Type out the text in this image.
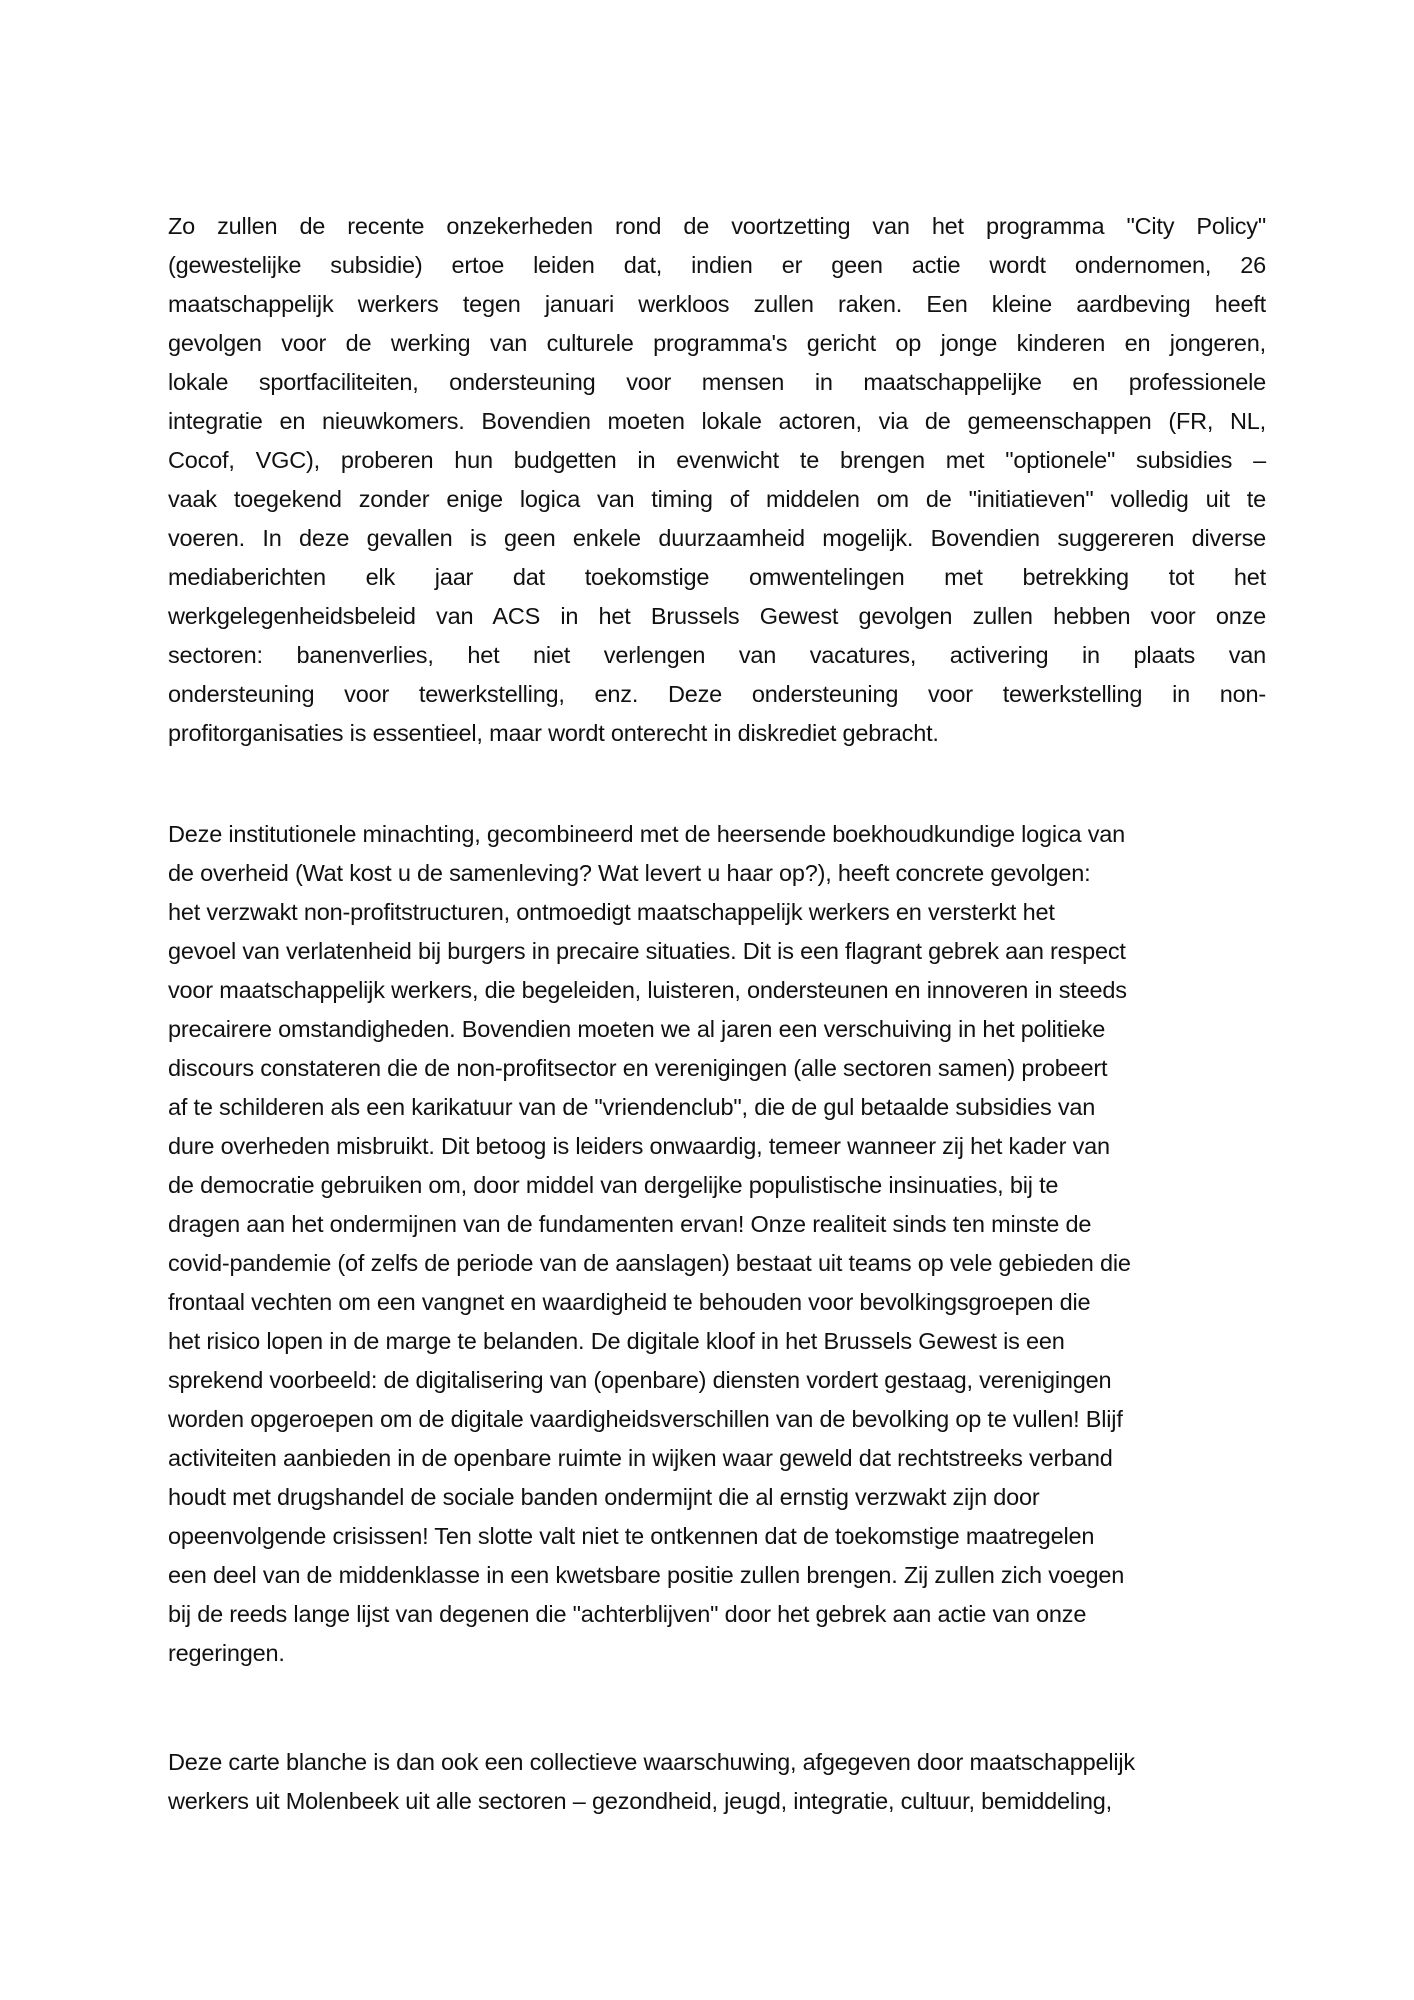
Zo zullen de recente onzekerheden rond de voortzetting van het programma "City Policy"
(gewestelijke subsidie) ertoe leiden dat, indien er geen actie wordt ondernomen, 26
maatschappelijk werkers tegen januari werkloos zullen raken. Een kleine aardbeving heeft
gevolgen voor de werking van culturele programma's gericht op jonge kinderen en jongeren,
lokale sportfaciliteiten, ondersteuning voor mensen in maatschappelijke en professionele
integratie en nieuwkomers. Bovendien moeten lokale actoren, via de gemeenschappen (FR, NL,
Cocof, VGC), proberen hun budgetten in evenwicht te brengen met "optionele" subsidies –
vaak toegekend zonder enige logica van timing of middelen om de "initiatieven" volledig uit te
voeren. In deze gevallen is geen enkele duurzaamheid mogelijk. Bovendien suggereren diverse
mediaberichten elk jaar dat toekomstige omwentelingen met betrekking tot het
werkgelegenheidsbeleid van ACS in het Brussels Gewest gevolgen zullen hebben voor onze
sectoren: banenverlies, het niet verlengen van vacatures, activering in plaats van
ondersteuning voor tewerkstelling, enz. Deze ondersteuning voor tewerkstelling in non-
profitorganisaties is essentieel, maar wordt onterecht in diskrediet gebracht.

Deze institutionele minachting, gecombineerd met de heersende boekhoudkundige logica van
de overheid (Wat kost u de samenleving? Wat levert u haar op?), heeft concrete gevolgen:
het verzwakt non-profitstructuren, ontmoedigt maatschappelijk werkers en versterkt het
gevoel van verlatenheid bij burgers in precaire situaties. Dit is een flagrant gebrek aan respect
voor maatschappelijk werkers, die begeleiden, luisteren, ondersteunen en innoveren in steeds
precairere omstandigheden. Bovendien moeten we al jaren een verschuiving in het politieke
discours constateren die de non-profitsector en verenigingen (alle sectoren samen) probeert
af te schilderen als een karikatuur van de "vriendenclub", die de gul betaalde subsidies van
dure overheden misbruikt. Dit betoog is leiders onwaardig, temeer wanneer zij het kader van
de democratie gebruiken om, door middel van dergelijke populistische insinuaties, bij te
dragen aan het ondermijnen van de fundamenten ervan! Onze realiteit sinds ten minste de
covid-pandemie (of zelfs de periode van de aanslagen) bestaat uit teams op vele gebieden die
frontaal vechten om een vangnet en waardigheid te behouden voor bevolkingsgroepen die
het risico lopen in de marge te belanden. De digitale kloof in het Brussels Gewest is een
sprekend voorbeeld: de digitalisering van (openbare) diensten vordert gestaag, verenigingen
worden opgeroepen om de digitale vaardigheidsverschillen van de bevolking op te vullen! Blijf
activiteiten aanbieden in de openbare ruimte in wijken waar geweld dat rechtstreeks verband
houdt met drugshandel de sociale banden ondermijnt die al ernstig verzwakt zijn door
opeenvolgende crisissen! Ten slotte valt niet te ontkennen dat de toekomstige maatregelen
een deel van de middenklasse in een kwetsbare positie zullen brengen. Zij zullen zich voegen
bij de reeds lange lijst van degenen die "achterblijven" door het gebrek aan actie van onze
regeringen.

Deze carte blanche is dan ook een collectieve waarschuwing, afgegeven door maatschappelijk
werkers uit Molenbeek uit alle sectoren – gezondheid, jeugd, integratie, cultuur, bemiddeling,
